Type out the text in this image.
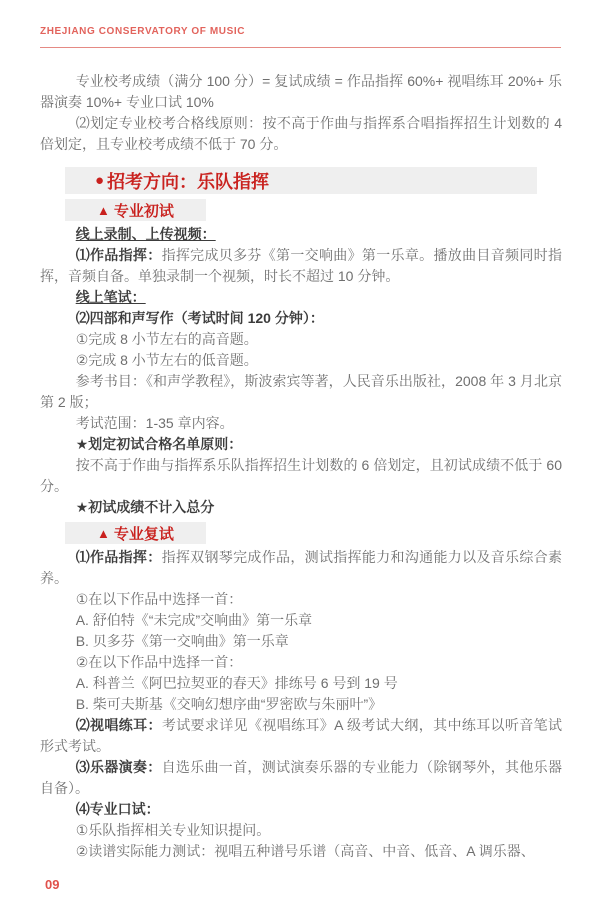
ZHEJIANG CONSERVATORY OF MUSIC

专业校考成绩（满分 100 分）= 复试成绩 = 作品指挥 60%+ 视唱练耳 20%+ 乐器演奏 10%+ 专业口试 10%

⑵划定专业校考合格线原则：按不高于作曲与指挥系合唱指挥招生计划数的 4 倍划定，且专业校考成绩不低于 70 分。

● 招考方向：乐队指挥
▲ 专业初试

线上录制、上传视频：

⑴作品指挥：指挥完成贝多芬《第一交响曲》第一乐章。播放曲目音频同时指挥，音频自备。单独录制一个视频，时长不超过 10 分钟。

线上笔试：

⑵四部和声写作（考试时间 120 分钟）：

①完成 8 小节左右的高音题。

②完成 8 小节左右的低音题。

参考书目：《和声学教程》，斯波索宾等著，人民音乐出版社，2008 年 3 月北京第 2 版；

考试范围：1-35 章内容。

★划定初试合格名单原则：

按不高于作曲与指挥系乐队指挥招生计划数的 6 倍划定，且初试成绩不低于 60 分。

★初试成绩不计入总分

▲ 专业复试

⑴作品指挥：指挥双钢琴完成作品，测试指挥能力和沟通能力以及音乐综合素养。

①在以下作品中选择一首：

A. 舒伯特《“未完成”交响曲》第一乐章

B. 贝多芬《第一交响曲》第一乐章

②在以下作品中选择一首：

A. 科普兰《阿巴拉契亚的春天》排练号 6 号到 19 号

B. 柴可夫斯基《交响幻想序曲“罗密欧与朱丽叶”》

⑵视唱练耳：考试要求详见《视唱练耳》A 级考试大纲，其中练耳以听音笔试形式考试。

⑶乐器演奏：自选乐曲一首，测试演奏乐器的专业能力（除钢琴外，其他乐器自备）。

⑷专业口试：

①乐队指挥相关专业知识提问。

②读谱实际能力测试：视唱五种谱号乐谱（高音、中音、低音、A 调乐器、

09
